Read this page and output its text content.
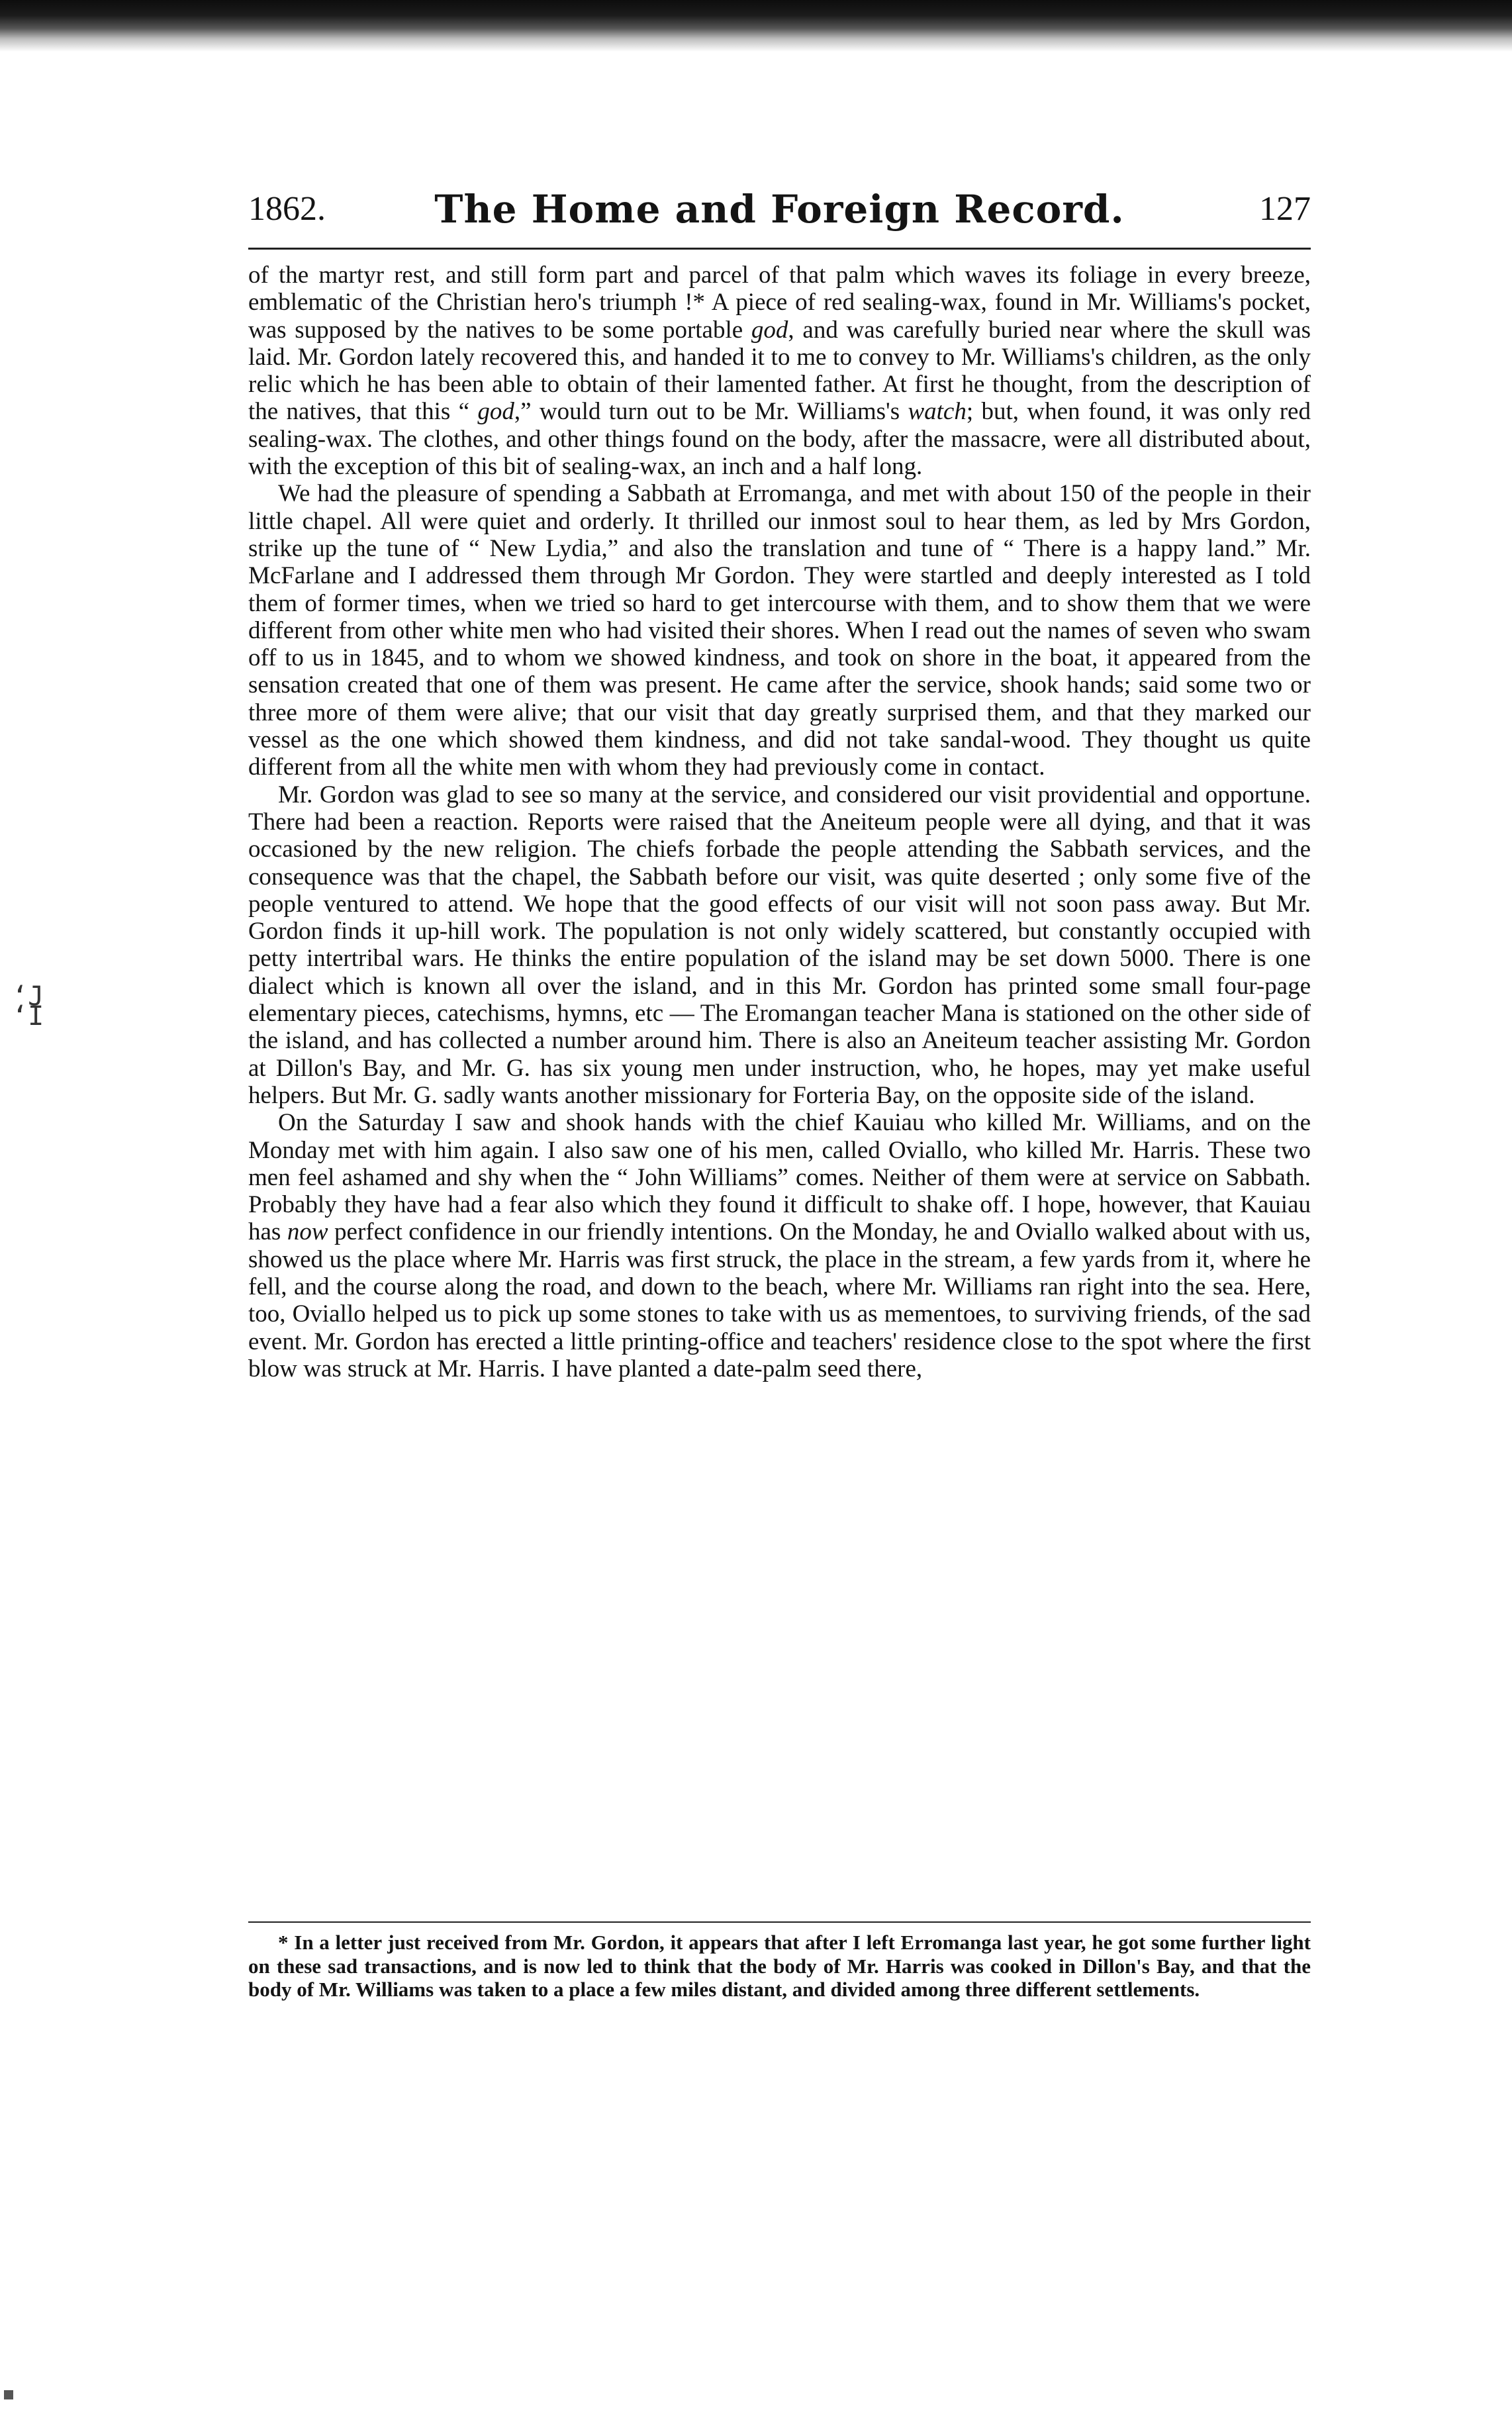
‘J
‘I
1862.	The Home and Foreign Record.	127

of the martyr rest, and still form part and parcel of that palm which waves its foliage in every breeze, emblematic of the Christian hero's triumph !* A piece of red sealing-wax, found in Mr. Williams's pocket, was supposed by the natives to be some portable god, and was carefully buried near where the skull was laid. Mr. Gordon lately recovered this, and handed it to me to convey to Mr. Williams's children, as the only relic which he has been able to obtain of their lamented father. At first he thought, from the description of the natives, that this “ god,” would turn out to be Mr. Williams's watch; but, when found, it was only red sealing-wax. The clothes, and other things found on the body, after the massacre, were all distributed about, with the exception of this bit of sealing-wax, an inch and a half long.

We had the pleasure of spending a Sabbath at Erromanga, and met with about 150 of the people in their little chapel. All were quiet and orderly. It thrilled our inmost soul to hear them, as led by Mrs Gordon, strike up the tune of “ New Lydia,” and also the translation and tune of “ There is a happy land.” Mr. McFarlane and I addressed them through Mr Gordon. They were startled and deeply interested as I told them of former times, when we tried so hard to get intercourse with them, and to show them that we were different from other white men who had visited their shores. When I read out the names of seven who swam off to us in 1845, and to whom we showed kindness, and took on shore in the boat, it appeared from the sensation created that one of them was present. He came after the service, shook hands; said some two or three more of them were alive; that our visit that day greatly surprised them, and that they marked our vessel as the one which showed them kindness, and did not take sandal-wood. They thought us quite different from all the white men with whom they had previously come in contact.

Mr. Gordon was glad to see so many at the service, and considered our visit providential and opportune. There had been a reaction. Reports were raised that the Aneiteum people were all dying, and that it was occasioned by the new religion. The chiefs forbade the people attending the Sabbath services, and the consequence was that the chapel, the Sabbath before our visit, was quite deserted ; only some five of the people ventured to attend. We hope that the good effects of our visit will not soon pass away. But Mr. Gordon finds it up-hill work. The population is not only widely scattered, but constantly occupied with petty intertribal wars. He thinks the entire population of the island may be set down 5000. There is one dialect which is known all over the island, and in this Mr. Gordon has printed some small four-page elementary pieces, catechisms, hymns, etc — The Eromangan teacher Mana is stationed on the other side of the island, and has collected a number around him. There is also an Aneiteum teacher assisting Mr. Gordon at Dillon's Bay, and Mr. G. has six young men under instruction, who, he hopes, may yet make useful helpers. But Mr. G. sadly wants another missionary for Forteria Bay, on the opposite side of the island.

On the Saturday I saw and shook hands with the chief Kauiau who killed Mr. Williams, and on the Monday met with him again. I also saw one of his men, called Oviallo, who killed Mr. Harris. These two men feel ashamed and shy when the “ John Williams” comes. Neither of them were at service on Sabbath. Probably they have had a fear also which they found it difficult to shake off. I hope, however, that Kauiau has now perfect confidence in our friendly intentions. On the Monday, he and Oviallo walked about with us, showed us the place where Mr. Harris was first struck, the place in the stream, a few yards from it, where he fell, and the course along the road, and down to the beach, where Mr. Williams ran right into the sea. Here, too, Oviallo helped us to pick up some stones to take with us as mementoes, to surviving friends, of the sad event. Mr. Gordon has erected a little printing-office and teachers' residence close to the spot where the first blow was struck at Mr. Harris. I have planted a date-palm seed there,

* In a letter just received from Mr. Gordon, it appears that after I left Erromanga last year, he got some further light on these sad transactions, and is now led to think that the body of Mr. Harris was cooked in Dillon's Bay, and that the body of Mr. Williams was taken to a place a few miles distant, and divided among three different settlements.
